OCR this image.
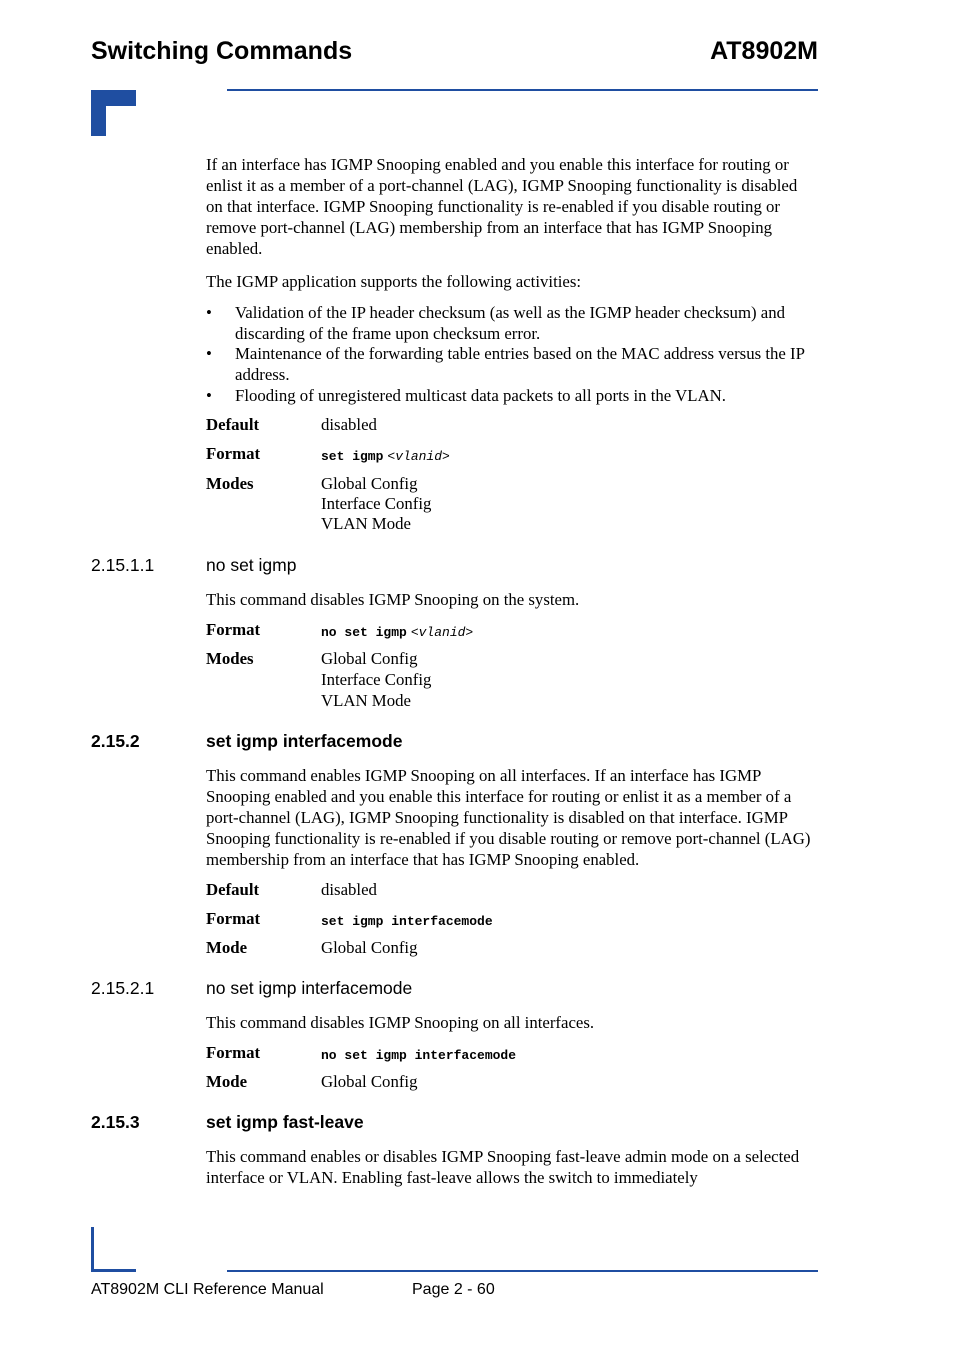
Switching Commands	AT8902M

If an interface has IGMP Snooping enabled and you enable this interface for routing or enlist it as a member of a port-channel (LAG), IGMP Snooping functionality is disabled on that interface. IGMP Snooping functionality is re-enabled if you disable routing or remove port-channel (LAG) membership from an interface that has IGMP Snooping enabled.

The IGMP application supports the following activities:

• Validation of the IP header checksum (as well as the IGMP header checksum) and discarding of the frame upon checksum error.

• Maintenance of the forwarding table entries based on the MAC address versus the IP address.

• Flooding of unregistered multicast data packets to all ports in the VLAN.

Default	disabled
Format	set igmp <vlanid>
Modes	Global Config
Interface Config
VLAN Mode
2.15.1.1	no set igmp

This command disables IGMP Snooping on the system.

Format	no set igmp <vlanid>
Modes	Global Config
Interface Config
VLAN Mode
2.15.2	set igmp interfacemode

This command enables IGMP Snooping on all interfaces. If an interface has IGMP Snooping enabled and you enable this interface for routing or enlist it as a member of a port-channel (LAG), IGMP Snooping functionality is disabled on that interface. IGMP Snooping functionality is re-enabled if you disable routing or remove port-channel (LAG) membership from an interface that has IGMP Snooping enabled.

Default	disabled
Format	set igmp interfacemode
Mode	Global Config
2.15.2.1	no set igmp interfacemode

This command disables IGMP Snooping on all interfaces.

Format	no set igmp interfacemode
Mode	Global Config
2.15.3	set igmp fast-leave

This command enables or disables IGMP Snooping fast-leave admin mode on a selected interface or VLAN. Enabling fast-leave allows the switch to immediately

AT8902M CLI Reference Manual	Page 2 - 60
